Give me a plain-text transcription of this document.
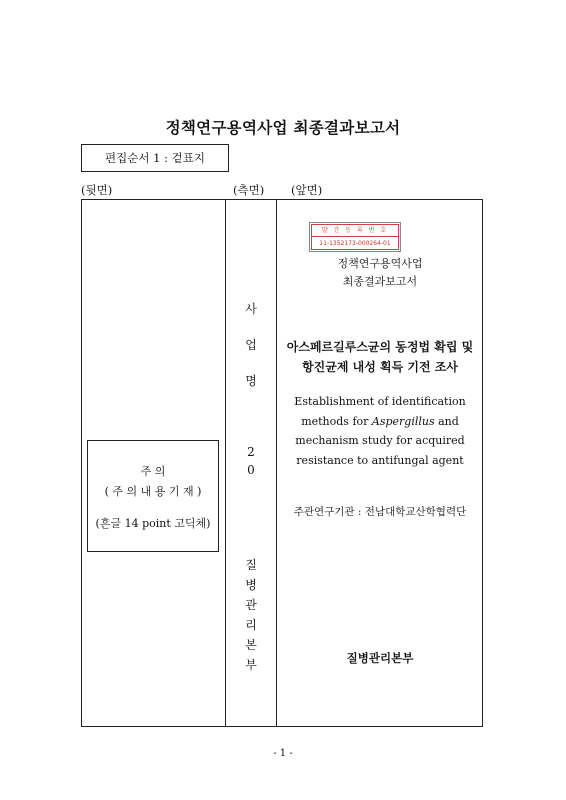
정책연구용역사업 최종결과보고서
편집순서 1 : 겉표지
(뒷면)	(측면) (앞면)
사
업
명
2
0
질
병
관
리
본
부
주 의
( 주 의 내 용 기 재 )
(흔글 14 point 고딕체)
발 간 등 록 번 호
11-1352173-000264-01
정책연구용역사업
최종결과보고서
아스페르길루스균의 동정법 확립 및
항진균제 내성 획득 기전 조사
Establishment of identification
methods for Aspergillus and
mechanism study for acquired
resistance to antifungal agent
주관연구기관 : 전남대학교산학협력단
질병관리본부
- 1 -
